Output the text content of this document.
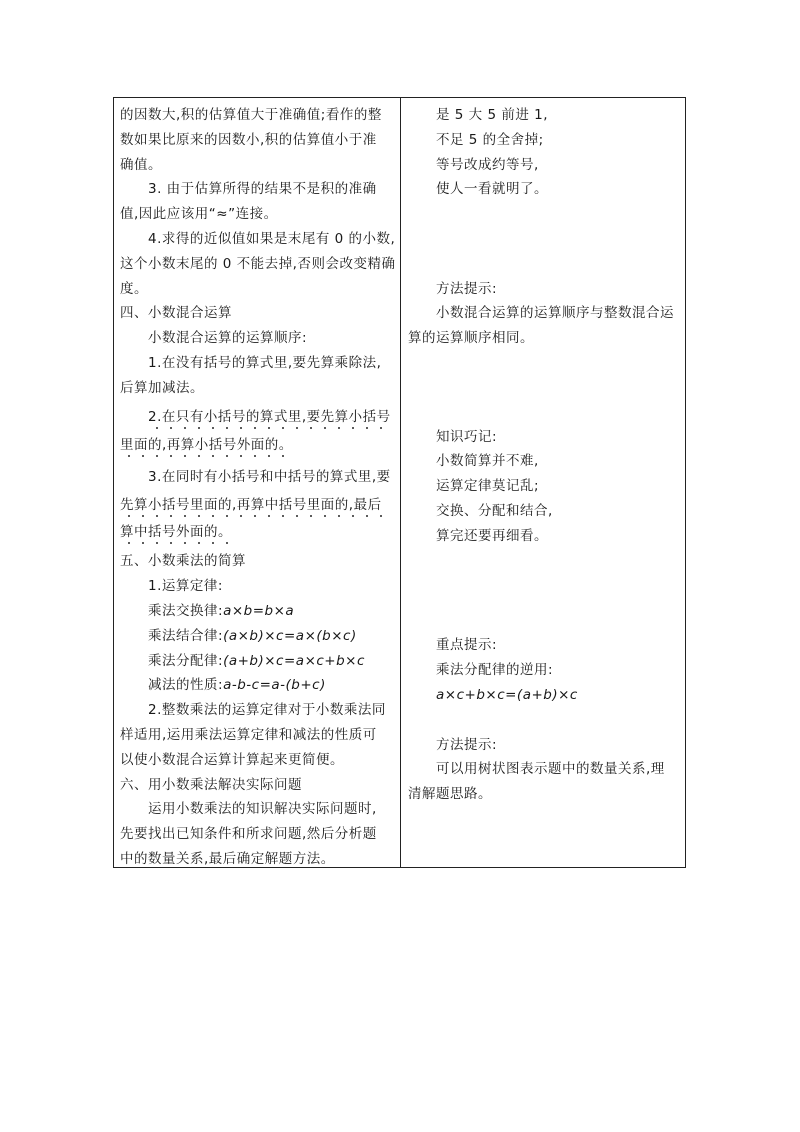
的因数大,积的估算值大于准确值;看作的整
数如果比原来的因数小,积的估算值小于准
确值。
3. 由于估算所得的结果不是积的准确
值,因此应该用“≈”连接。
4.求得的近似值如果是末尾有 0 的小数,
这个小数末尾的 0 不能去掉,否则会改变精确
度。
四、小数混合运算
小数混合运算的运算顺序:
1.在没有括号的算式里,要先算乘除法,
后算加减法。
2.在只有小括号的算式里,要先算小括号
里面的,再算小括号外面的。
3.在同时有小括号和中括号的算式里,要
先算小括号里面的,再算中括号里面的,最后
算中括号外面的。
五、小数乘法的简算
1.运算定律:
乘法交换律:a×b=b×a
乘法结合律:(a×b)×c=a×(b×c)
乘法分配律:(a+b)×c=a×c+b×c
减法的性质:a-b-c=a-(b+c)
2.整数乘法的运算定律对于小数乘法同
样适用,运用乘法运算定律和减法的性质可
以使小数混合运算计算起来更简便。
六、用小数乘法解决实际问题
运用小数乘法的知识解决实际问题时,
先要找出已知条件和所求问题,然后分析题
中的数量关系,最后确定解题方法。
是 5 大 5 前进 1,
不足 5 的全舍掉;
等号改成约等号,
使人一看就明了。
方法提示:
小数混合运算的运算顺序与整数混合运
算的运算顺序相同。
知识巧记:
小数简算并不难,
运算定律莫记乱;
交换、分配和结合,
算完还要再细看。
重点提示:
乘法分配律的逆用:
a×c+b×c=(a+b)×c
方法提示:
可以用树状图表示题中的数量关系,理
清解题思路。
